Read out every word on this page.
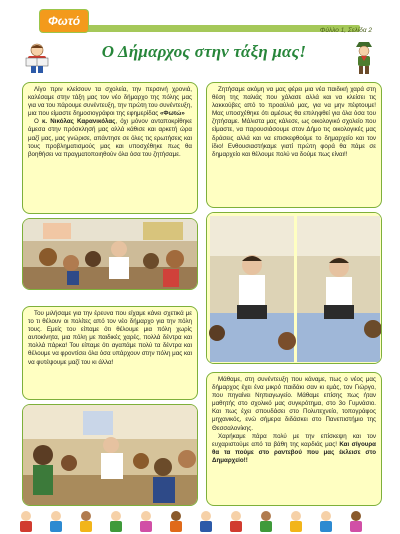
Φωτό
Φύλλο 1, Σελίδα 2
Ο Δήμαρχος στην τάξη μας!

Λίγο πριν κλείσουν τα σχολεία, την περσινή χρονιά, καλέσαμε στην τάξη μας τον νέο δήμαρχο της πόλης μας για να του πάρουμε συνέντευξη, την πρώτη του συνέντευξη, μια που είμαστε δημοσιογράφοι της εφημερίδας «Φωτώ»

Ο κ. Νικόλας Καρανικόλας, όχι μόνον ανταποκρίθηκε άμεσα στην πρόσκλησή μας αλλά κάθισε και αρκετή ώρα μαζί μας, μας γνώρισε, απάντησε σε όλες τις ερωτήσεις και τους προβληματισμούς μας και υποσχέθηκε πως θα βοηθήσει να πραγματοποιηθούν όλα όσα του ζητήσαμε.

Του μιλήσαμε για την έρευνα που είχαμε κάνει σχετικά με το τι θέλουν οι πολίτες από τον νέο δήμαρχο για την πόλη τους. Εμείς του είπαμε ότι θέλουμε μια πόλη χωρίς αυτοκίνητα, μια πόλη με παιδικές χαρές, πολλά δέντρα και πολλά πάρκα! Του είπαμε ότι αγαπάμε πολύ τα δέντρα και θέλουμε να φροντίσει όλα όσα υπάρχουν στην πόλη μας και να φυτέψουμε μαζί του κι άλλα!

Ζητήσαμε ακόμη να μας φέρει μια νέα παιδική χαρά στη θέση της παλιάς που χάλασε αλλά και να κλείσει τις λακκούβες από το προαύλιό μας, για να μην πέφτουμε! Μας υποσχέθηκε ότι αμέσως θα επιληφθεί για όλα όσα του ζητήσαμε. Μάλιστα μας κάλεσε, ως οικολογικό σχολείο που είμαστε, να παρουσιάσουμε στον Δήμο τις οικολογικές μας δράσεις αλλά και να επισκεφθούμε το δημαρχείο και τον ίδιο! Ενθουσιαστήκαμε γιατί πρώτη φορά θα πάμε σε δημαρχείο και θέλουμε πολύ να δούμε πως είναι!!

Μάθαμε, στη συνέντευξη που κάναμε, πως ο νέος μας δήμαρχος έχει ένα μικρό παιδάκι σαν κι εμάς, τον Γιώργο, που πηγαίνει Νηπιαγωγείο. Μάθαμε επίσης πως ήταν μαθητής στο σχολικό μας συγκρότημα, στο 3ο Γυμνάσιο. Και πως έχει σπουδάσει στο Πολυτεχνείο, τοπογράφος μηχανικός, ενώ σήμερα διδάσκει στο Πανεπιστήμιο της Θεσσαλονίκης.

Χαρήκαμε πάρα πολύ με την επίσκεψη και τον ευχαριστούμε από τα βάθη της καρδιάς μας! Και σίγουρα θα τα πούμε στο ραντεβού που μας έκλεισε στο Δημαρχείο!!
